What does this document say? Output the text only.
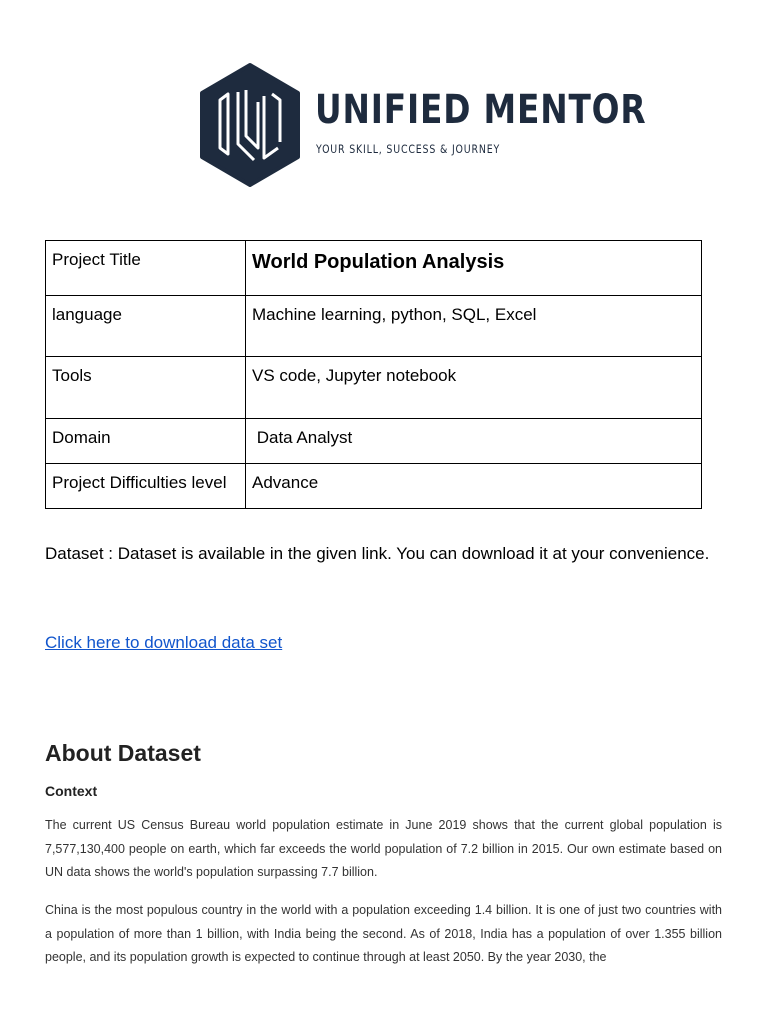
UNIFIED MENTOR
YOUR SKILL, SUCCESS & JOURNEY
Project Title	World Population Analysis
language	Machine learning, python, SQL, Excel
Tools	VS code, Jupyter notebook
Domain	Data Analyst
Project Difficulties level	Advance

Dataset : Dataset is available in the given link. You can download it at your convenience.

Click here to download data set
About Dataset
Context

The current US Census Bureau world population estimate in June 2019 shows that the current global population is 7,577,130,400 people on earth, which far exceeds the world population of 7.2 billion in 2015. Our own estimate based on UN data shows the world's population surpassing 7.7 billion.

China is the most populous country in the world with a population exceeding 1.4 billion. It is one of just two countries with a population of more than 1 billion, with India being the second. As of 2018, India has a population of over 1.355 billion people, and its population growth is expected to continue through at least 2050. By the year 2030, the
